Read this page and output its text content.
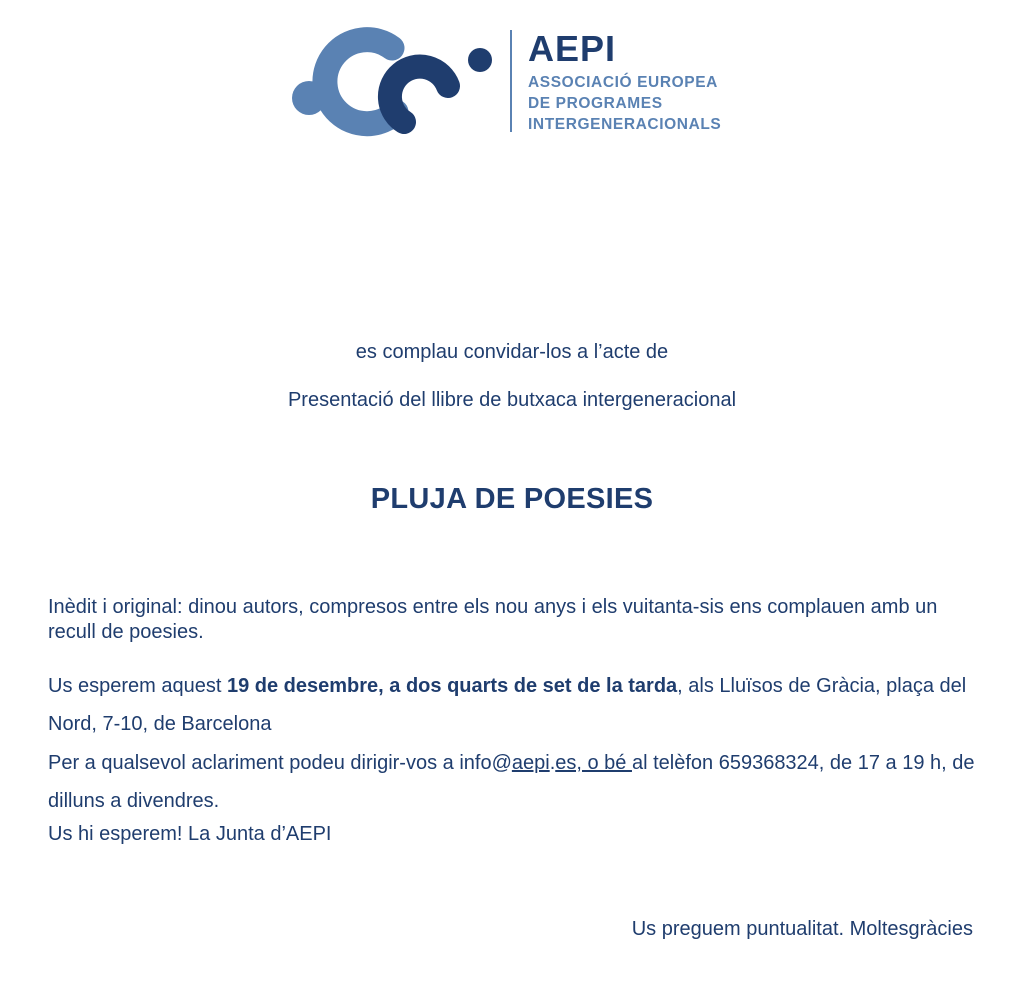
AEPI
ASSOCIACIÓ EUROPEA
DE PROGRAMES
INTERGENERACIONALS
es complau convidar-los a l’acte de
Presentació del llibre de butxaca intergeneracional
PLUJA DE POESIES
Inèdit i original: dinou autors, compresos entre els nou anys i els vuitanta-sis ens complauen amb un recull de poesies.
Us esperem aquest 19 de desembre, a dos quarts de set de la tarda, als Lluïsos de Gràcia, plaça del Nord, 7-10, de Barcelona
Per a qualsevol aclariment podeu dirigir-vos a info@aepi.es, o bé al telèfon 659368324, de 17 a 19 h, de dilluns a divendres.
Us hi esperem! La Junta d’AEPI
Us preguem puntualitat. Moltesgràcies
